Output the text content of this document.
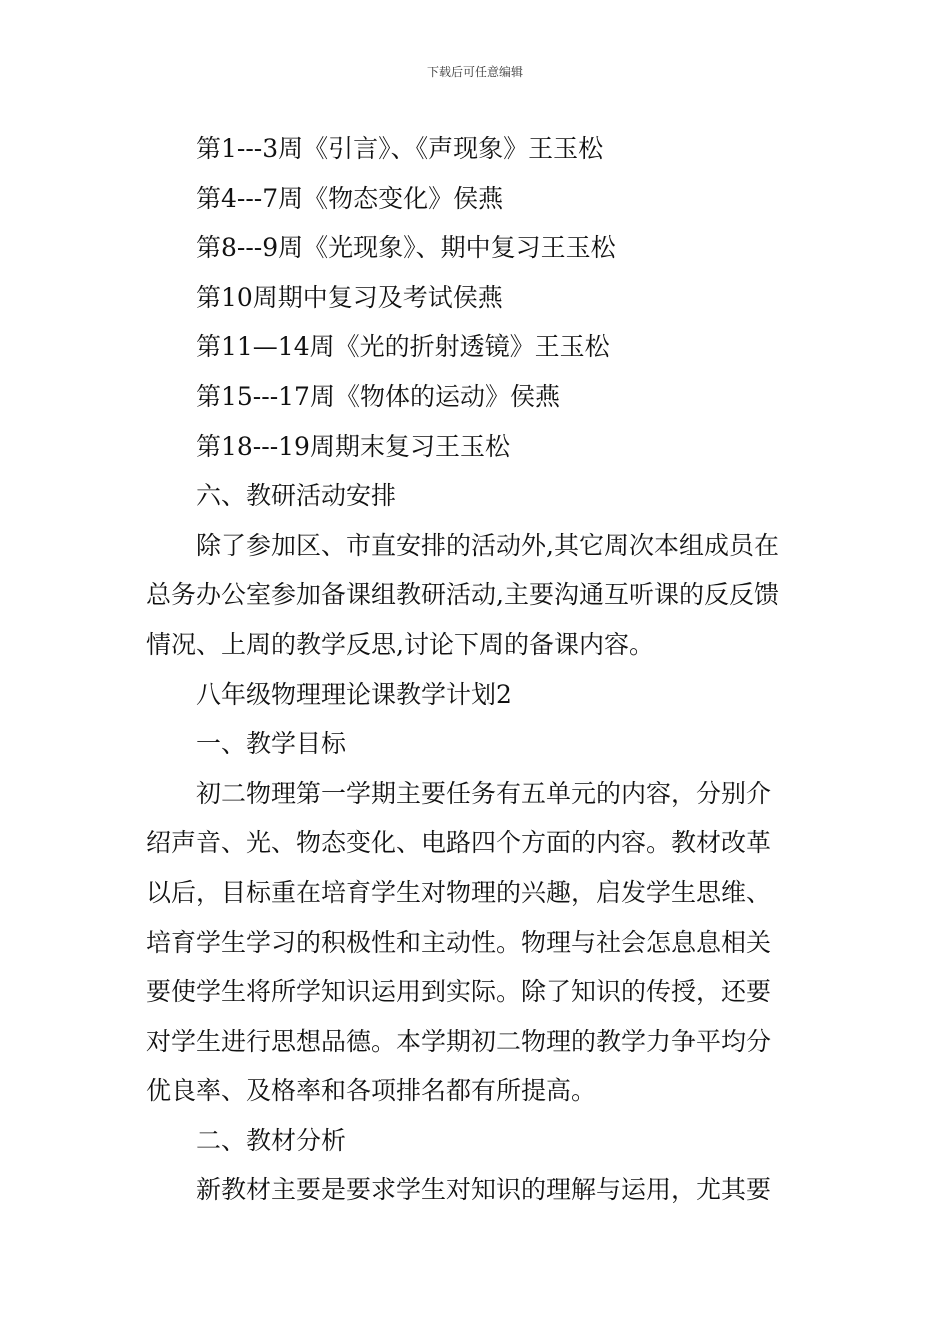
下载后可任意编辑
第1---3周《引言》、《声现象》王玉松
第4---7周《物态变化》侯燕
第8---9周《光现象》、期中复习王玉松
第10周期中复习及考试侯燕
第11—14周《光的折射透镜》王玉松
第15---17周《物体的运动》侯燕
第18---19周期末复习王玉松
六、教研活动安排
除了参加区、市直安排的活动外,其它周次本组成员在
总务办公室参加备课组教研活动,主要沟通互听课的反反馈
情况、上周的教学反思,讨论下周的备课内容。
八年级物理理论课教学计划2
一、教学目标
初二物理第一学期主要任务有五单元的内容，分别介
绍声音、光、物态变化、电路四个方面的内容。教材改革
以后，目标重在培育学生对物理的兴趣，启发学生思维、
培育学生学习的积极性和主动性。物理与社会怎息息相关
要使学生将所学知识运用到实际。除了知识的传授，还要
对学生进行思想品德。本学期初二物理的教学力争平均分
优良率、及格率和各项排名都有所提高。
二、教材分析
新教材主要是要求学生对知识的理解与运用，尤其要
